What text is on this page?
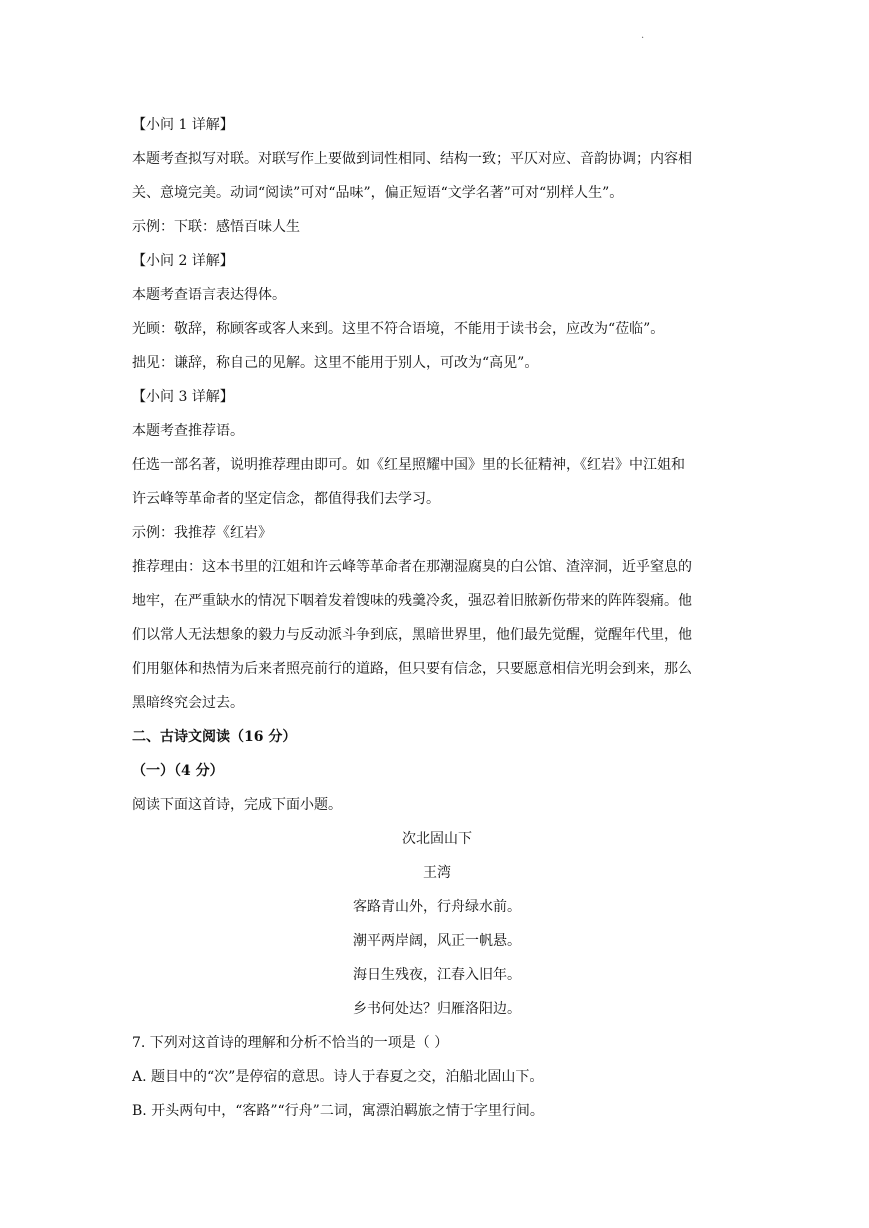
.
【小问 1 详解】
本题考查拟写对联。对联写作上要做到词性相同、结构一致；平仄对应、音韵协调；内容相
关、意境完美。动词“阅读”可对“品味”，偏正短语“文学名著”可对“别样人生”。
示例：下联：感悟百味人生
【小问 2 详解】
本题考查语言表达得体。
光顾：敬辞，称顾客或客人来到。这里不符合语境，不能用于读书会，应改为“莅临”。
拙见：谦辞，称自己的见解。这里不能用于别人，可改为“高见”。
【小问 3 详解】
本题考查推荐语。
任选一部名著，说明推荐理由即可。如《红星照耀中国》里的长征精神，《红岩》中江姐和
许云峰等革命者的坚定信念，都值得我们去学习。
示例：我推荐《红岩》
推荐理由：这本书里的江姐和许云峰等革命者在那潮湿腐臭的白公馆、渣滓洞，近乎窒息的
地牢，在严重缺水的情况下咽着发着馊味的残羹冷炙，强忍着旧脓新伤带来的阵阵裂痛。他
们以常人无法想象的毅力与反动派斗争到底，黑暗世界里，他们最先觉醒，觉醒年代里，他
们用躯体和热情为后来者照亮前行的道路，但只要有信念，只要愿意相信光明会到来，那么
黑暗终究会过去。
二、古诗文阅读（16 分）
（一）（4 分）
阅读下面这首诗，完成下面小题。
次北固山下
王湾
客路青山外，行舟绿水前。
潮平两岸阔，风正一帆悬。
海日生残夜，江春入旧年。
乡书何处达？归雁洛阳边。
7. 下列对这首诗的理解和分析不恰当的一项是（ ）
A. 题目中的“次”是停宿的意思。诗人于春夏之交，泊船北固山下。
B. 开头两句中，“客路”“行舟”二词，寓漂泊羁旅之情于字里行间。
